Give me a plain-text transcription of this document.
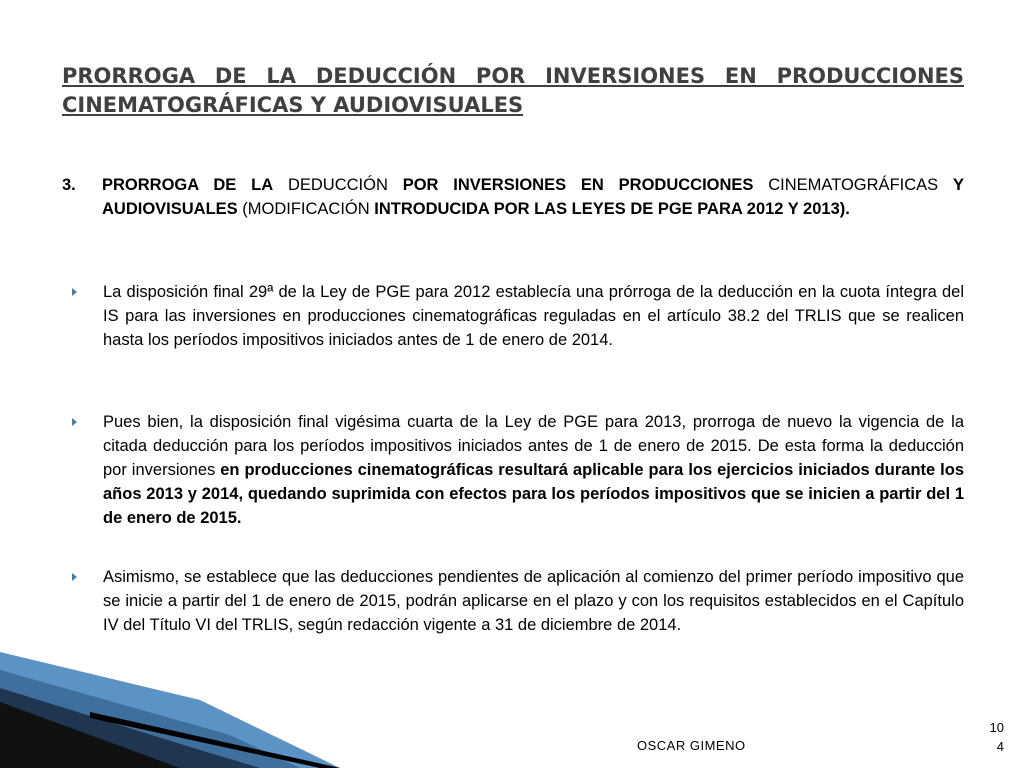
PRORROGA DE LA DEDUCCIÓN POR INVERSIONES EN PRODUCCIONES CINEMATOGRÁFICAS Y AUDIOVISUALES
3. PRORROGA DE LA DEDUCCIÓN POR INVERSIONES EN PRODUCCIONES CINEMATOGRÁFICAS Y AUDIOVISUALES (MODIFICACIÓN INTRODUCIDA POR LAS LEYES DE PGE PARA 2012 Y 2013).
La disposición final 29ª de la Ley de PGE para 2012 establecía una prórroga de la deducción en la cuota íntegra del IS para las inversiones en producciones cinematográficas reguladas en el artículo 38.2 del TRLIS que se realicen hasta los períodos impositivos iniciados antes de 1 de enero de 2014.
Pues bien, la disposición final vigésima cuarta de la Ley de PGE para 2013, prorroga de nuevo la vigencia de la citada deducción para los períodos impositivos iniciados antes de 1 de enero de 2015. De esta forma la deducción por inversiones en producciones cinematográficas resultará aplicable para los ejercicios iniciados durante los años 2013 y 2014, quedando suprimida con efectos para los períodos impositivos que se inicien a partir del 1 de enero de 2015.
Asimismo, se establece que las deducciones pendientes de aplicación al comienzo del primer período impositivo que se inicie a partir del 1 de enero de 2015, podrán aplicarse en el plazo y con los requisitos establecidos en el Capítulo IV del Título VI del TRLIS, según redacción vigente a 31 de diciembre de 2014.
OSCAR GIMENO
10
4
